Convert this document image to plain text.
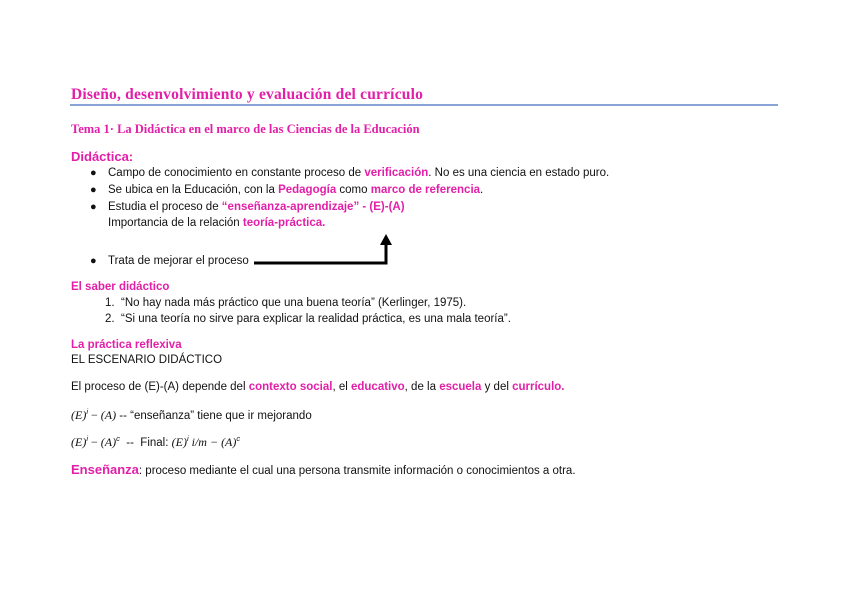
Diseño, desenvolvimiento y evaluación del currículo
Tema 1· La Didáctica en el marco de las Ciencias de la Educación
Didáctica:
● Campo de conocimiento en constante proceso de verificación. No es una ciencia en estado puro.
● Se ubica en la Educación, con la Pedagogía como marco de referencia.
● Estudia el proceso de “enseñanza-aprendizaje” - (E)-(A)
Importancia de la relación teoría-práctica.
● Trata de mejorar el proceso
El saber didáctico
1. “No hay nada más práctico que una buena teoría” (Kerlinger, 1975).
2. “Si una teoría no sirve para explicar la realidad práctica, es una mala teoría”.
La práctica reflexiva
EL ESCENARIO DIDÁCTICO
El proceso de (E)-(A) depende del contexto social, el educativo, de la escuela y del currículo.
$(E)^i - (A)$ -- “enseñanza” tiene que ir mejorando
$(E)^i - (A)^c$  --  Final: $(E)^i$ $i/m - (A)^c$
Enseñanza: proceso mediante el cual una persona transmite información o conocimientos a otra.
